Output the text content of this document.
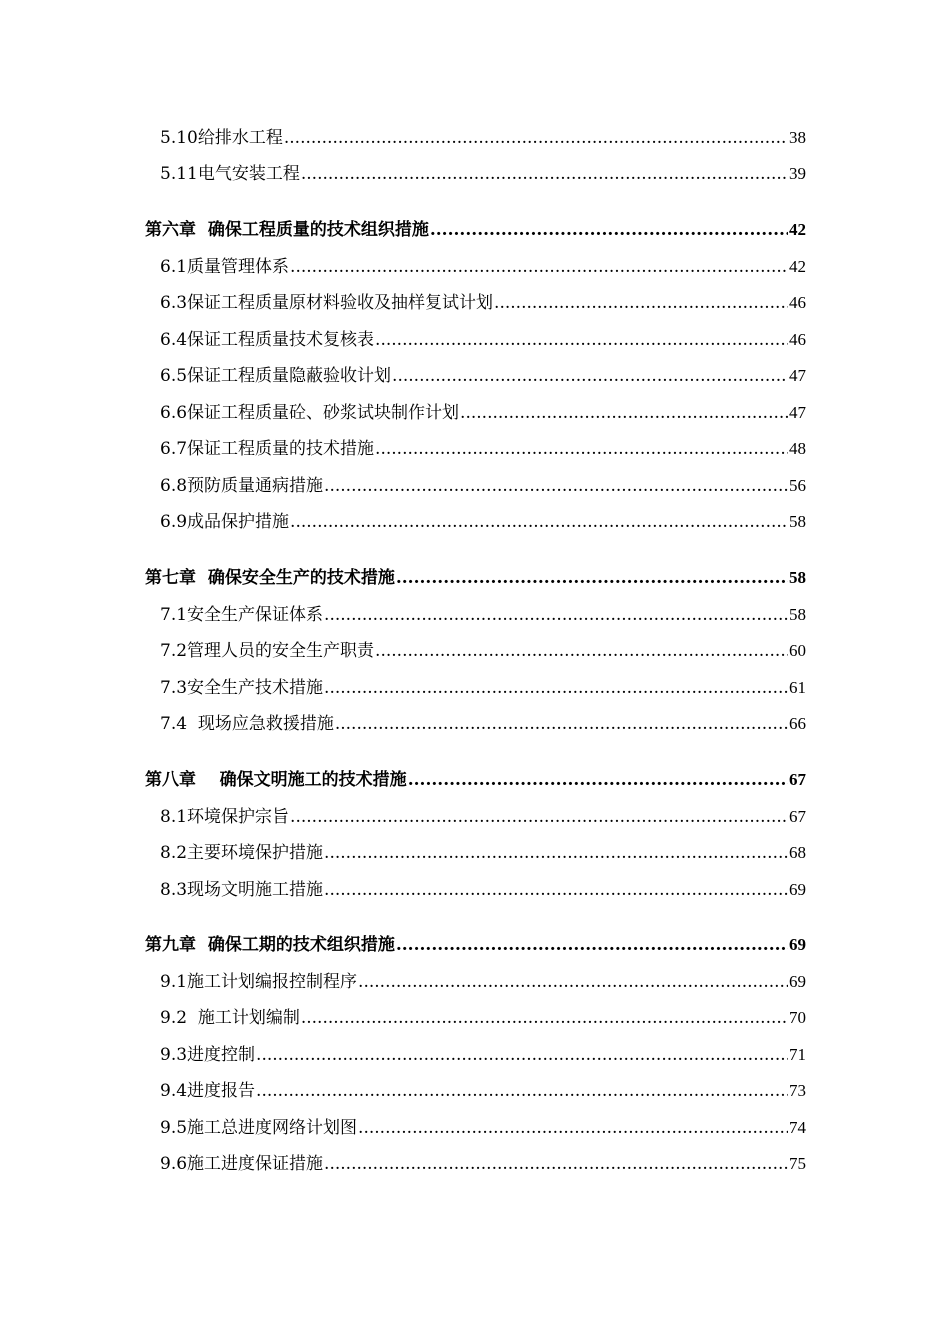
5.10给排水工程 .....	38
5.11电气安装工程 .....	39
第六章  确保工程质量的技术组织措施 .....	42
6.1质量管理体系 .....	42
6.3保证工程质量原材料验收及抽样复试计划 .....	46
6.4保证工程质量技术复核表 .....	46
6.5保证工程质量隐蔽验收计划 .....	47
6.6保证工程质量砼、砂浆试块制作计划 .....	47
6.7保证工程质量的技术措施 .....	48
6.8预防质量通病措施 .....	56
6.9成品保护措施 .....	58
第七章  确保安全生产的技术措施 .....	58
7.1安全生产保证体系 .....	58
7.2管理人员的安全生产职责 .....	60
7.3安全生产技术措施 .....	61
7.4  现场应急救援措施 .....	66
第八章    确保文明施工的技术措施 .....	67
8.1环境保护宗旨 .....	67
8.2主要环境保护措施 .....	68
8.3现场文明施工措施 .....	69
第九章  确保工期的技术组织措施 .....	69
9.1施工计划编报控制程序 .....	69
9.2  施工计划编制 .....	70
9.3进度控制 .....	71
9.4进度报告 .....	73
9.5施工总进度网络计划图 .....	74
9.6施工进度保证措施 .....	75
